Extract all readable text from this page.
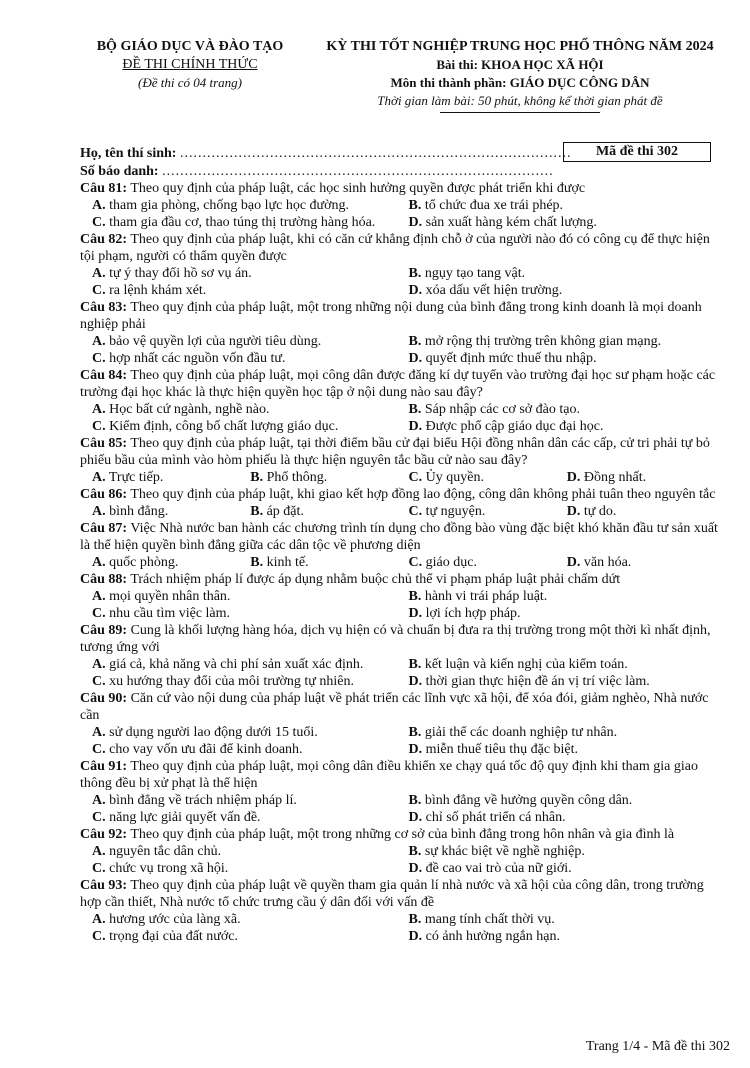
BỘ GIÁO DỤC VÀ ĐÀO TẠO
ĐỀ THI CHÍNH THỨC
(Đề thi có 04 trang)
KỲ THI TỐT NGHIỆP TRUNG HỌC PHỔ THÔNG NĂM 2024
Bài thi: KHOA HỌC XÃ HỘI
Môn thi thành phần: GIÁO DỤC CÔNG DÂN
Thời gian làm bài: 50 phút, không kể thời gian phát đề
Họ, tên thí sinh: .......................................................................................
Số báo danh: .......................................................................................
Mã đề thi 302
Câu 81: Theo quy định của pháp luật, các học sinh hưởng quyền được phát triển khi được
A. tham gia phòng, chống bạo lực học đường.	B. tổ chức đua xe trái phép.
C. tham gia đầu cơ, thao túng thị trường hàng hóa.	D. sản xuất hàng kém chất lượng.
Câu 82: Theo quy định của pháp luật, khi có căn cứ khẳng định chỗ ở của người nào đó có công cụ để thực hiện tội phạm, người có thẩm quyền được
A. tự ý thay đổi hồ sơ vụ án.	B. ngụy tạo tang vật.
C. ra lệnh khám xét.	D. xóa dấu vết hiện trường.
Câu 83: Theo quy định của pháp luật, một trong những nội dung của bình đẳng trong kinh doanh là mọi doanh nghiệp phải
A. bảo vệ quyền lợi của người tiêu dùng.	B. mở rộng thị trường trên không gian mạng.
C. hợp nhất các nguồn vốn đầu tư.	D. quyết định mức thuế thu nhập.
Câu 84: Theo quy định của pháp luật, mọi công dân được đăng kí dự tuyển vào trường đại học sư phạm hoặc các trường đại học khác là thực hiện quyền học tập ở nội dung nào sau đây?
A. Học bất cứ ngành, nghề nào.	B. Sáp nhập các cơ sở đào tạo.
C. Kiểm định, công bố chất lượng giáo dục.	D. Được phổ cập giáo dục đại học.
Câu 85: Theo quy định của pháp luật, tại thời điểm bầu cử đại biểu Hội đồng nhân dân các cấp, cử tri phải tự bỏ phiếu bầu của mình vào hòm phiếu là thực hiện nguyên tắc bầu cử nào sau đây?
A. Trực tiếp.	B. Phổ thông.	C. Ủy quyền.	D. Đồng nhất.
Câu 86: Theo quy định của pháp luật, khi giao kết hợp đồng lao động, công dân không phải tuân theo nguyên tắc
A. bình đẳng.	B. áp đặt.	C. tự nguyện.	D. tự do.
Câu 87: Việc Nhà nước ban hành các chương trình tín dụng cho đồng bào vùng đặc biệt khó khăn đầu tư sản xuất là thể hiện quyền bình đẳng giữa các dân tộc về phương diện
A. quốc phòng.	B. kinh tế.	C. giáo dục.	D. văn hóa.
Câu 88: Trách nhiệm pháp lí được áp dụng nhằm buộc chủ thể vi phạm pháp luật phải chấm dứt
A. mọi quyền nhân thân.	B. hành vi trái pháp luật.
C. nhu cầu tìm việc làm.	D. lợi ích hợp pháp.
Câu 89: Cung là khối lượng hàng hóa, dịch vụ hiện có và chuẩn bị đưa ra thị trường trong một thời kì nhất định, tương ứng với
A. giá cả, khả năng và chi phí sản xuất xác định.	B. kết luận và kiến nghị của kiểm toán.
C. xu hướng thay đổi của môi trường tự nhiên.	D. thời gian thực hiện đề án vị trí việc làm.
Câu 90: Căn cứ vào nội dung của pháp luật về phát triển các lĩnh vực xã hội, để xóa đói, giảm nghèo, Nhà nước cần
A. sử dụng người lao động dưới 15 tuổi.	B. giải thể các doanh nghiệp tư nhân.
C. cho vay vốn ưu đãi để kinh doanh.	D. miễn thuế tiêu thụ đặc biệt.
Câu 91: Theo quy định của pháp luật, mọi công dân điều khiển xe chạy quá tốc độ quy định khi tham gia giao thông đều bị xử phạt là thể hiện
A. bình đẳng về trách nhiệm pháp lí.	B. bình đẳng về hưởng quyền công dân.
C. năng lực giải quyết vấn đề.	D. chỉ số phát triển cá nhân.
Câu 92: Theo quy định của pháp luật, một trong những cơ sở của bình đẳng trong hôn nhân và gia đình là
A. nguyên tắc dân chủ.	B. sự khác biệt về nghề nghiệp.
C. chức vụ trong xã hội.	D. đề cao vai trò của nữ giới.
Câu 93: Theo quy định của pháp luật về quyền tham gia quản lí nhà nước và xã hội của công dân, trong trường hợp cần thiết, Nhà nước tổ chức trưng cầu ý dân đối với vấn đề
A. hương ước của làng xã.	B. mang tính chất thời vụ.
C. trọng đại của đất nước.	D. có ảnh hưởng ngắn hạn.
Trang 1/4 - Mã đề thi 302
